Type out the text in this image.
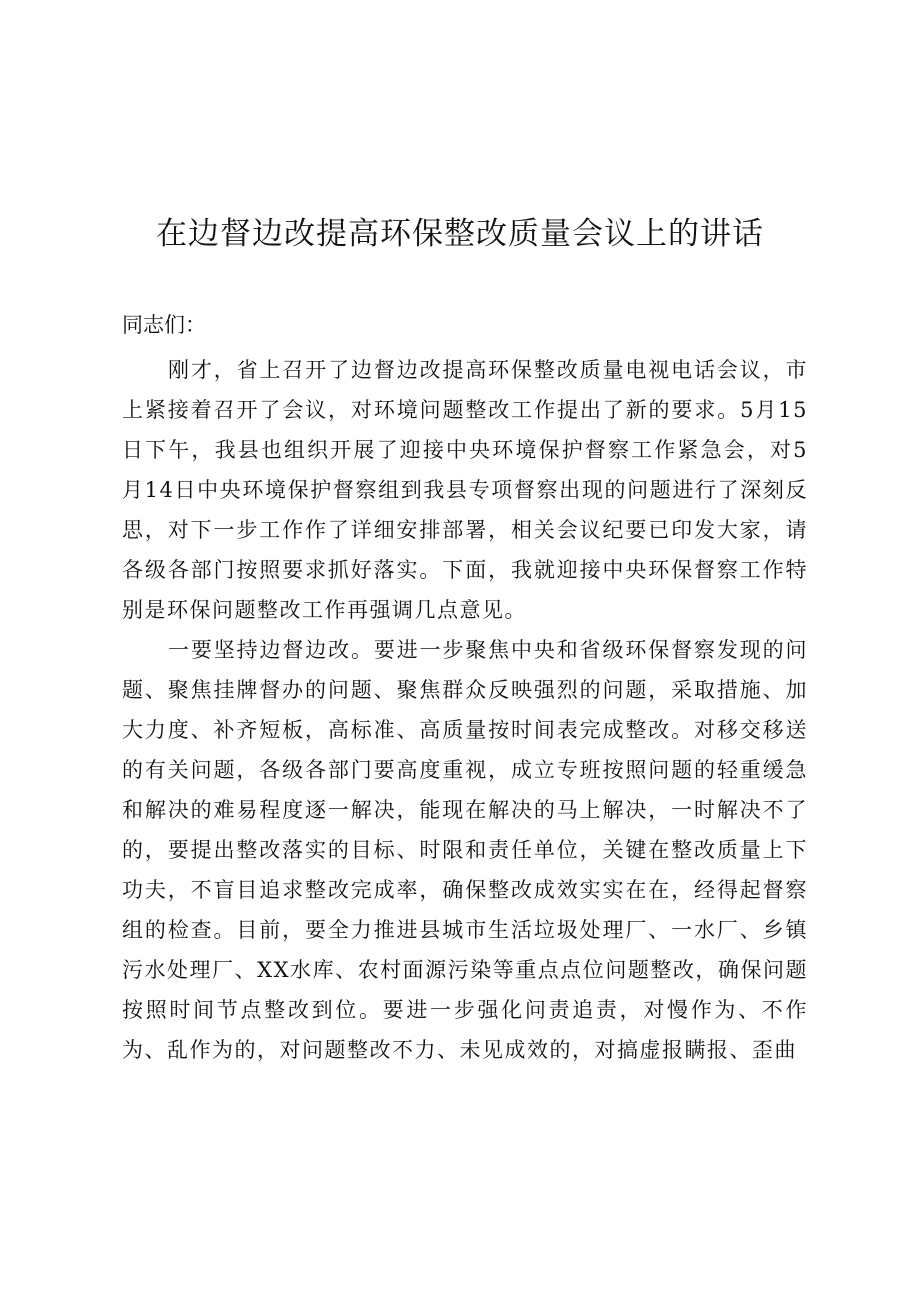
在边督边改提高环保整改质量会议上的讲话

同志们：

刚才，省上召开了边督边改提高环保整改质量电视电话会议，市上紧接着召开了会议，对环境问题整改工作提出了新的要求。5月15日下午，我县也组织开展了迎接中央环境保护督察工作紧急会，对5月14日中央环境保护督察组到我县专项督察出现的问题进行了深刻反思，对下一步工作作了详细安排部署，相关会议纪要已印发大家，请各级各部门按照要求抓好落实。下面，我就迎接中央环保督察工作特别是环保问题整改工作再强调几点意见。

一要坚持边督边改。要进一步聚焦中央和省级环保督察发现的问题、聚焦挂牌督办的问题、聚焦群众反映强烈的问题，采取措施、加大力度、补齐短板，高标准、高质量按时间表完成整改。对移交移送的有关问题，各级各部门要高度重视，成立专班按照问题的轻重缓急和解决的难易程度逐一解决，能现在解决的马上解决，一时解决不了的，要提出整改落实的目标、时限和责任单位，关键在整改质量上下功夫，不盲目追求整改完成率，确保整改成效实实在在，经得起督察组的检查。目前，要全力推进县城市生活垃圾处理厂、一水厂、乡镇污水处理厂、XX水库、农村面源污染等重点点位问题整改，确保问题按照时间节点整改到位。要进一步强化问责追责，对慢作为、不作为、乱作为的，对问题整改不力、未见成效的，对搞虚报瞒报、歪曲
